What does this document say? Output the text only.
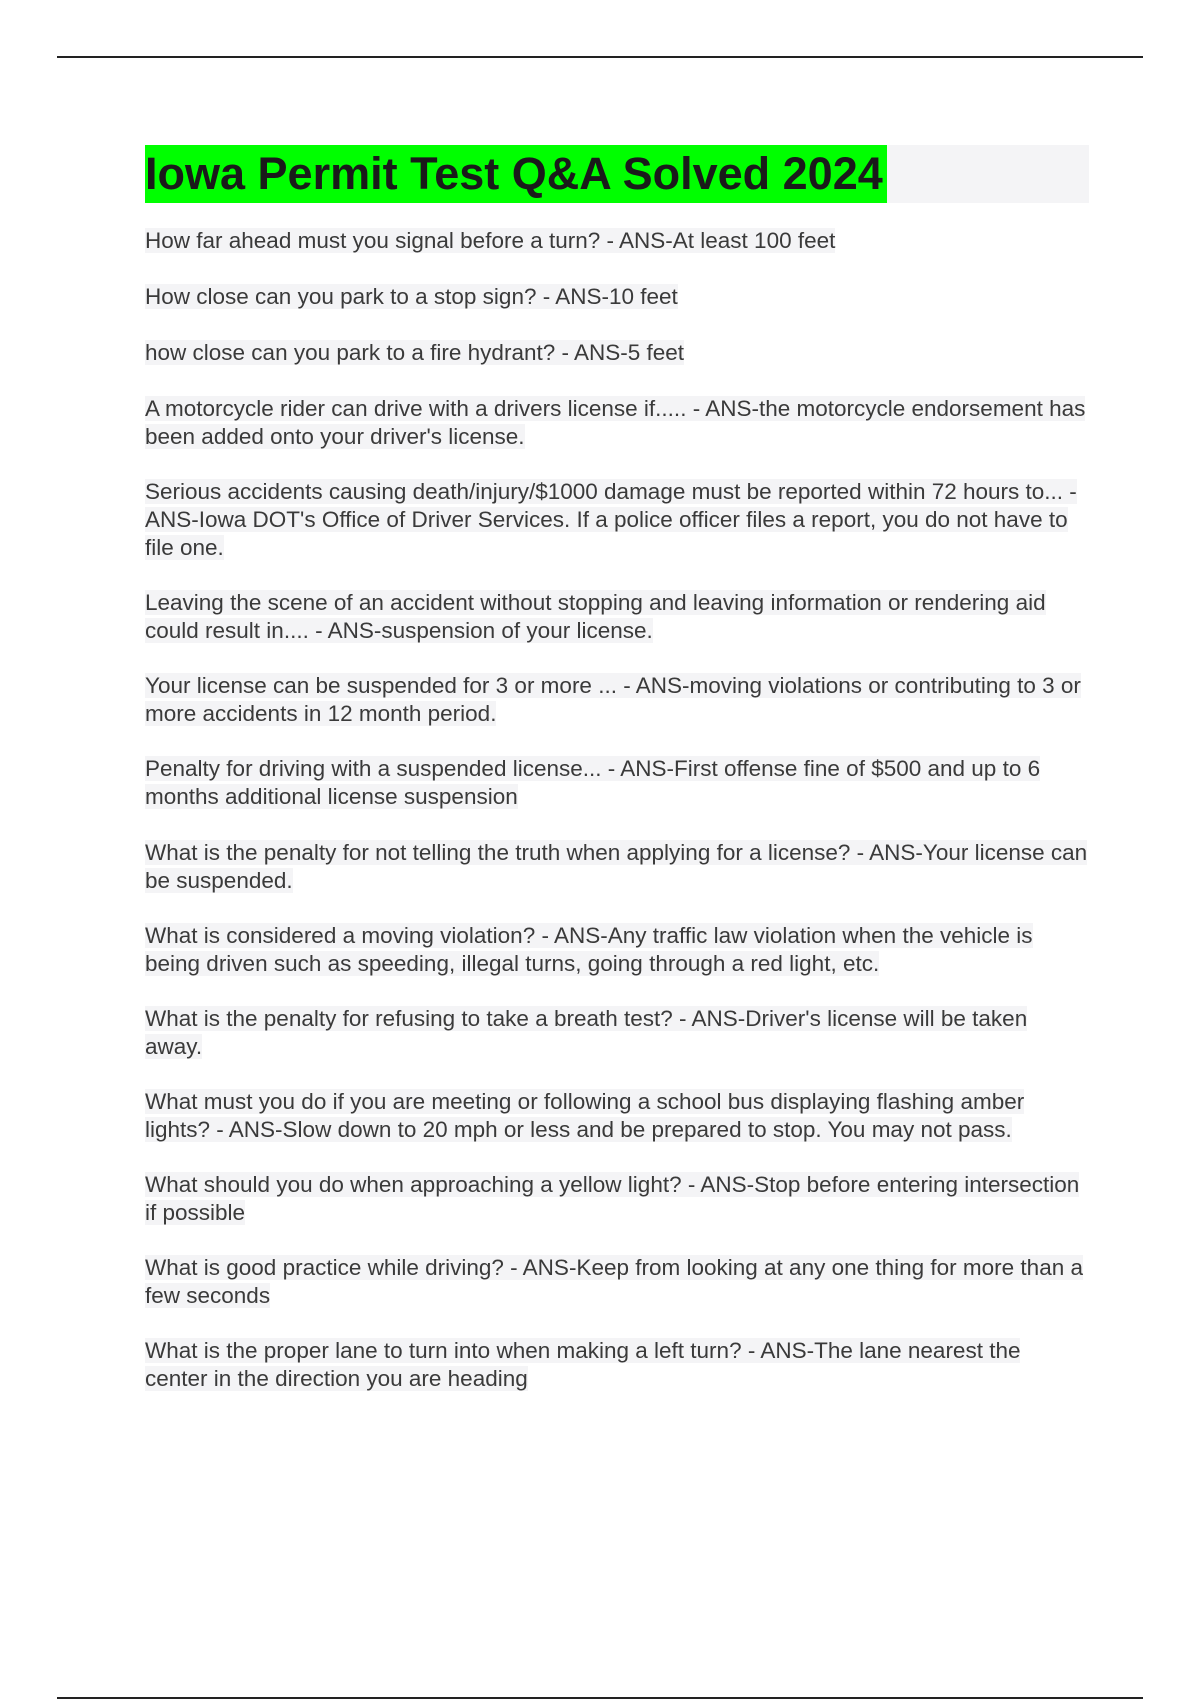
Iowa Permit Test Q&A Solved 2024
How far ahead must you signal before a turn? - ANS-At least 100 feet
How close can you park to a stop sign? - ANS-10 feet
how close can you park to a fire hydrant? - ANS-5 feet
A motorcycle rider can drive with a drivers license if..... - ANS-the motorcycle endorsement has been added onto your driver's license.
Serious accidents causing death/injury/$1000 damage must be reported within 72 hours to... - ANS-Iowa DOT's Office of Driver Services. If a police officer files a report, you do not have to file one.
Leaving the scene of an accident without stopping and leaving information or rendering aid could result in.... - ANS-suspension of your license.
Your license can be suspended for 3 or more ... - ANS-moving violations or contributing to 3 or more accidents in 12 month period.
Penalty for driving with a suspended license... - ANS-First offense fine of $500 and up to 6 months additional license suspension
What is the penalty for not telling the truth when applying for a license? - ANS-Your license can be suspended.
What is considered a moving violation? - ANS-Any traffic law violation when the vehicle is being driven such as speeding, illegal turns, going through a red light, etc.
What is the penalty for refusing to take a breath test? - ANS-Driver's license will be taken away.
What must you do if you are meeting or following a school bus displaying flashing amber lights? - ANS-Slow down to 20 mph or less and be prepared to stop. You may not pass.
What should you do when approaching a yellow light? - ANS-Stop before entering intersection if possible
What is good practice while driving? - ANS-Keep from looking at any one thing for more than a few seconds
What is the proper lane to turn into when making a left turn? - ANS-The lane nearest the center in the direction you are heading
